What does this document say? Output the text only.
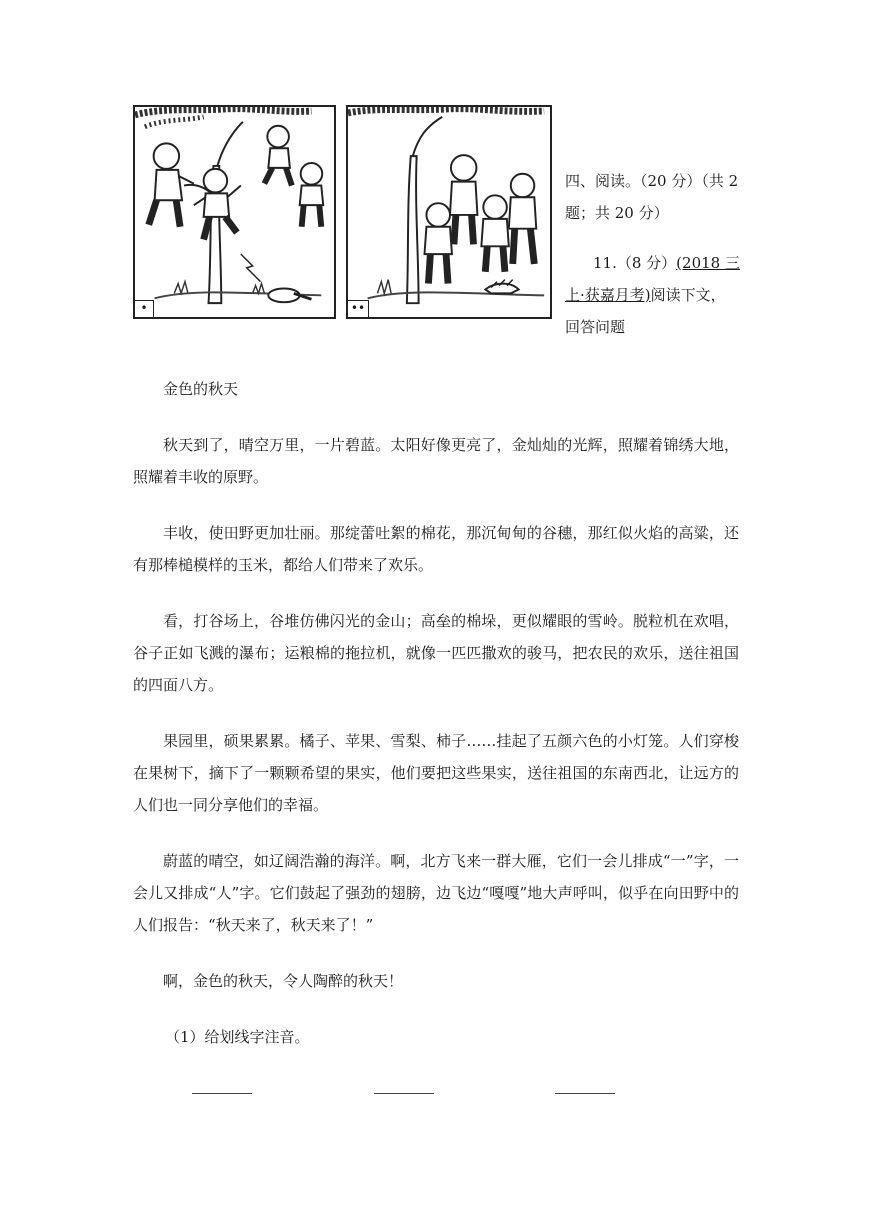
•	••

四、阅读。（20 分）（共 2

题；共 20 分）

11.（8 分）(2018 三上·获嘉月考)阅读下文，回答问题

金色的秋天

秋天到了，晴空万里，一片碧蓝。太阳好像更亮了，金灿灿的光辉，照耀着锦绣大地，照耀着丰收的原野。

丰收，使田野更加壮丽。那绽蕾吐絮的棉花，那沉甸甸的谷穗，那红似火焰的高粱，还有那棒槌模样的玉米，都给人们带来了欢乐。

看，打谷场上，谷堆仿佛闪光的金山；高垒的棉垛，更似耀眼的雪岭。脱粒机在欢唱，谷子正如飞溅的瀑布；运粮棉的拖拉机，就像一匹匹撒欢的骏马，把农民的欢乐，送往祖国的四面八方。

果园里，硕果累累。橘子、苹果、雪梨、柿子……挂起了五颜六色的小灯笼。人们穿梭在果树下，摘下了一颗颗希望的果实，他们要把这些果实，送往祖国的东南西北，让远方的人们也一同分享他们的幸福。

蔚蓝的晴空，如辽阔浩瀚的海洋。啊，北方飞来一群大雁，它们一会儿排成“一”字，一会儿又排成“人”字。它们鼓起了强劲的翅膀，边飞边“嘎嘎”地大声呼叫，似乎在向田野中的人们报告：“秋天来了，秋天来了！”

啊，金色的秋天，令人陶醉的秋天！

（1）给划线字注音。
